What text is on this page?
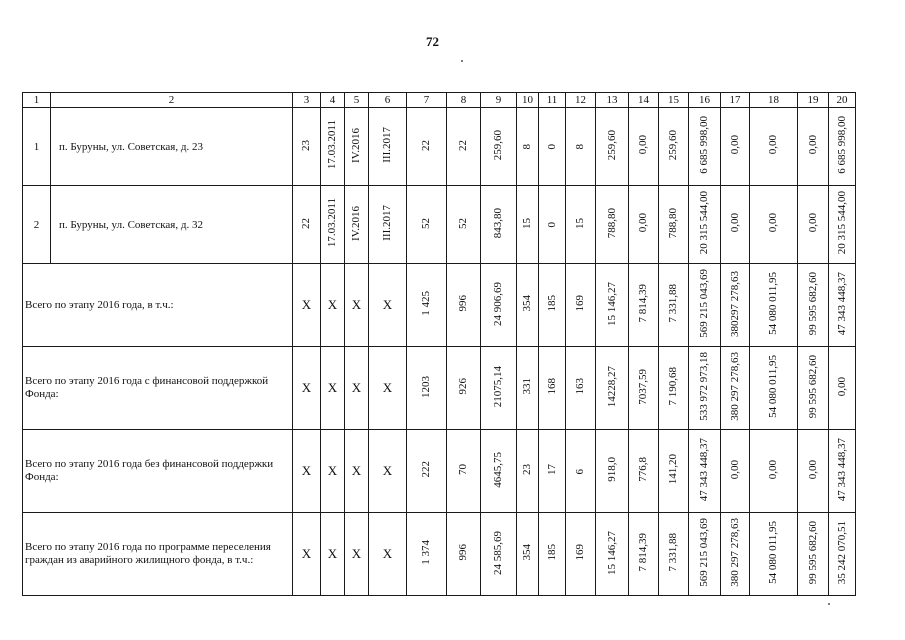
72
1	2	3	4	5	6	7	8	9	10	11	12	13	14	15	16	17	18	19	20
1	п. Буруны, ул. Советская, д. 23	23	17.03.2011	IV.2016	III.2017	22	22	259,60	8	0	8	259,60	0,00	259,60	6 685 998,00	0,00	0,00	0,00	6 685 998,00
2	п. Буруны, ул. Советская, д. 32	22	17.03.2011	IV.2016	III.2017	52	52	843,80	15	0	15	788,80	0,00	788,80	20 315 544,00	0,00	0,00	0,00	20 315 544,00
Всего по этапу 2016 года, в т.ч.:		X	X	X	X	1 425	996	24 906,69	354	185	169	15 146,27	7 814,39	7 331,88	569 215 043,69	380297 278,63	54 080 011,95	99 595 682,60	47 343 448,37
Всего по этапу 2016 года с финансовой поддержкой Фонда:		X	X	X	X	1203	926	21075,14	331	168	163	14228,27	7037,59	7 190,68	533 972 973,18	380 297 278,63	54 080 011,95	99 595 682,60	0,00
Всего по этапу 2016 года без финансовой поддержки Фонда:		X	X	X	X	222	70	4645,75	23	17	6	918,0	776,8	141,20	47 343 448,37	0,00	0,00	0,00	47 343 448,37
Всего по этапу 2016 года по программе переселения граждан из аварийного жилищного фонда, в т.ч.:		X	X	X	X	1 374	996	24 585,69	354	185	169	15 146,27	7 814,39	7 331,88	569 215 043,69	380 297 278,63	54 080 011,95	99 595 682,60	35 242 070,51
